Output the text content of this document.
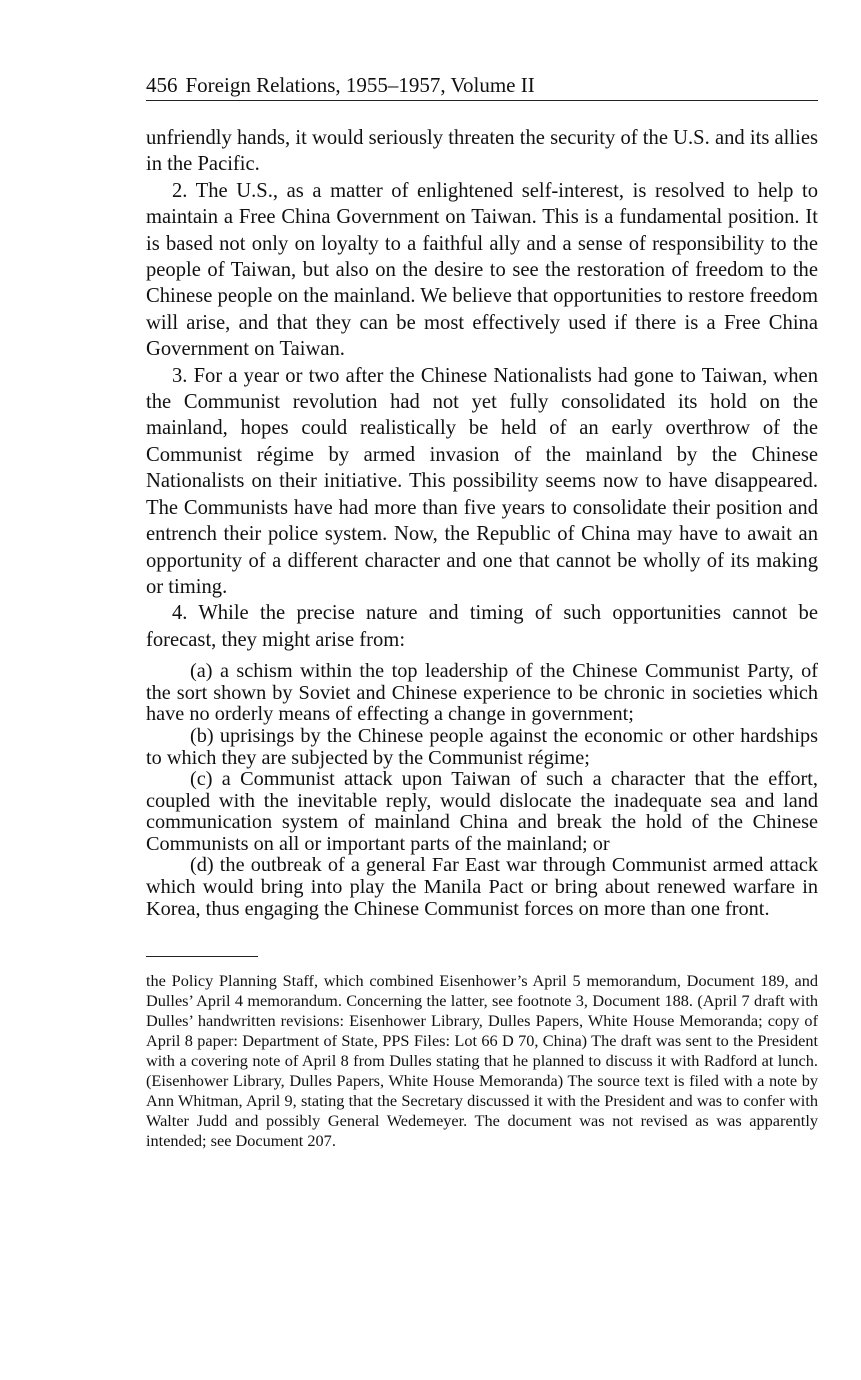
456 Foreign Relations, 1955–1957, Volume II

unfriendly hands, it would seriously threaten the security of the U.S. and its allies in the Pacific.

2. The U.S., as a matter of enlightened self-interest, is resolved to help to maintain a Free China Government on Taiwan. This is a fundamental position. It is based not only on loyalty to a faithful ally and a sense of responsibility to the people of Taiwan, but also on the desire to see the restoration of freedom to the Chinese people on the mainland. We believe that opportunities to restore freedom will arise, and that they can be most effectively used if there is a Free China Government on Taiwan.

3. For a year or two after the Chinese Nationalists had gone to Taiwan, when the Communist revolution had not yet fully consolidated its hold on the mainland, hopes could realistically be held of an early overthrow of the Communist régime by armed invasion of the mainland by the Chinese Nationalists on their initiative. This possibility seems now to have disappeared. The Communists have had more than five years to consolidate their position and entrench their police system. Now, the Republic of China may have to await an opportunity of a different character and one that cannot be wholly of its making or timing.

4. While the precise nature and timing of such opportunities cannot be forecast, they might arise from:

(a) a schism within the top leadership of the Chinese Communist Party, of the sort shown by Soviet and Chinese experience to be chronic in societies which have no orderly means of effecting a change in government;

(b) uprisings by the Chinese people against the economic or other hardships to which they are subjected by the Communist régime;

(c) a Communist attack upon Taiwan of such a character that the effort, coupled with the inevitable reply, would dislocate the inadequate sea and land communication system of mainland China and break the hold of the Chinese Communists on all or important parts of the mainland; or

(d) the outbreak of a general Far East war through Communist armed attack which would bring into play the Manila Pact or bring about renewed warfare in Korea, thus engaging the Chinese Communist forces on more than one front.

the Policy Planning Staff, which combined Eisenhower’s April 5 memorandum, Document 189, and Dulles’ April 4 memorandum. Concerning the latter, see footnote 3, Document 188. (April 7 draft with Dulles’ handwritten revisions: Eisenhower Library, Dulles Papers, White House Memoranda; copy of April 8 paper: Department of State, PPS Files: Lot 66 D 70, China) The draft was sent to the President with a covering note of April 8 from Dulles stating that he planned to discuss it with Radford at lunch. (Eisenhower Library, Dulles Papers, White House Memoranda) The source text is filed with a note by Ann Whitman, April 9, stating that the Secretary discussed it with the President and was to confer with Walter Judd and possibly General Wedemeyer. The document was not revised as was apparently intended; see Document 207.
